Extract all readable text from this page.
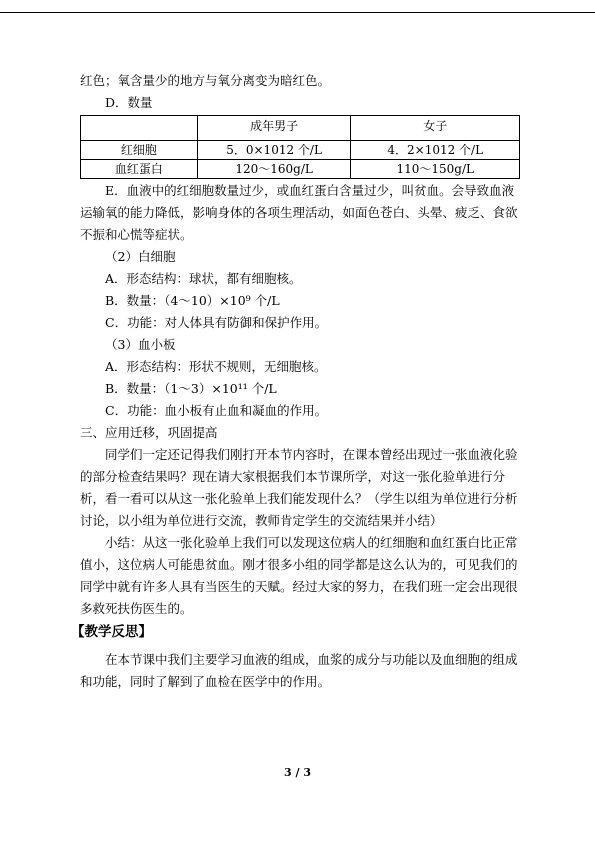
红色；氧含量少的地方与氧分离变为暗红色。

D．数量

	成年男子	女子
红细胞	5．0×1012 个/L	4．2×1012 个/L
血红蛋白	120～160g/L	110～150g/L

E．血液中的红细胞数量过少，或血红蛋白含量过少，叫贫血。会导致血液运输氧的能力降低，影响身体的各项生理活动，如面色苍白、头晕、疲乏、食欲不振和心慌等症状。

（2）白细胞

A．形态结构：球状，都有细胞核。

B．数量：（4～10）×10⁹ 个/L

C．功能：对人体具有防御和保护作用。

（3）血小板

A．形态结构：形状不规则，无细胞核。

B．数量：（1～3）×10¹¹ 个/L

C．功能：血小板有止血和凝血的作用。

三、应用迁移，巩固提高

同学们一定还记得我们刚打开本节内容时，在课本曾经出现过一张血液化验的部分检查结果吗？现在请大家根据我们本节课所学，对这一张化验单进行分析，看一看可以从这一张化验单上我们能发现什么？（学生以组为单位进行分析讨论，以小组为单位进行交流，教师肯定学生的交流结果并小结）

小结：从这一张化验单上我们可以发现这位病人的红细胞和血红蛋白比正常值小，这位病人可能患贫血。刚才很多小组的同学都是这么认为的，可见我们的同学中就有许多人具有当医生的天赋。经过大家的努力，在我们班一定会出现很多救死扶伤医生的。

【教学反思】

在本节课中我们主要学习血液的组成，血浆的成分与功能以及血细胞的组成和功能，同时了解到了血检在医学中的作用。

3 / 3
